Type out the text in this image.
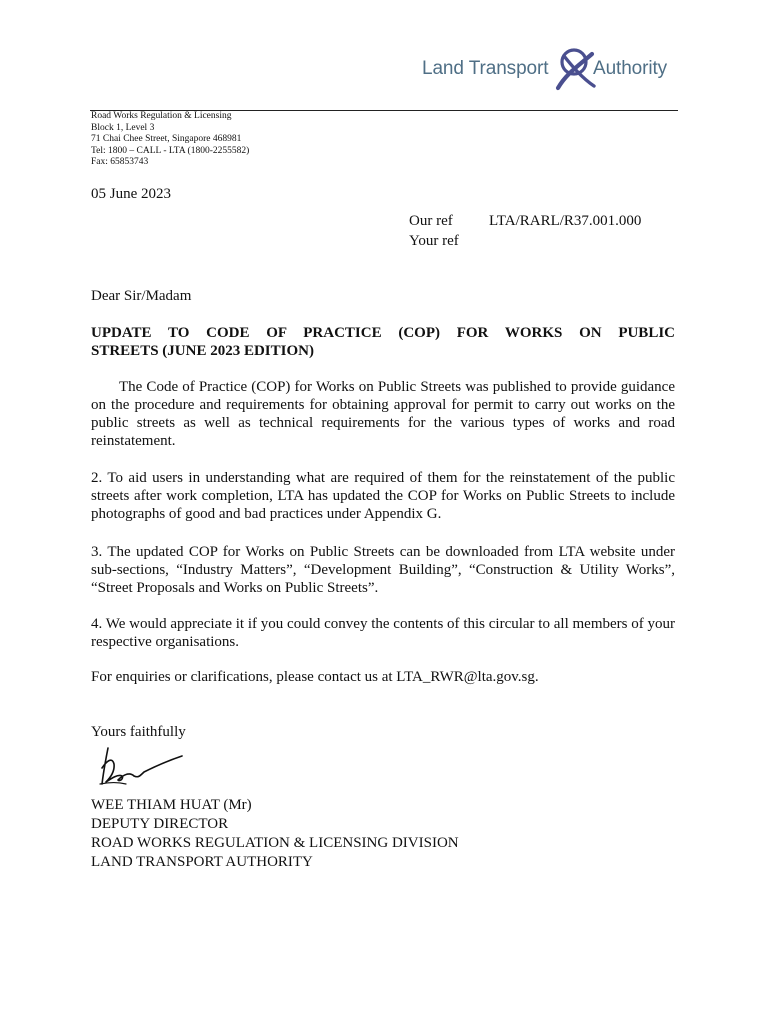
Land Transport Authority
Road Works Regulation & Licensing
Block 1, Level 3
71 Chai Chee Street, Singapore 468981
Tel: 1800 – CALL - LTA (1800-2255582)
Fax: 65853743
05 June 2023
Our ref LTA/RARL/R37.001.000
Your ref
Dear Sir/Madam
UPDATE TO CODE OF PRACTICE (COP) FOR WORKS ON PUBLIC
STREETS (JUNE 2023 EDITION)
The Code of Practice (COP) for Works on Public Streets was published to provide guidance on the procedure and requirements for obtaining approval for permit to carry out works on the public streets as well as technical requirements for the various types of works and road reinstatement.
2. To aid users in understanding what are required of them for the reinstatement of the public streets after work completion, LTA has updated the COP for Works on Public Streets to include photographs of good and bad practices under Appendix G.
3. The updated COP for Works on Public Streets can be downloaded from LTA website under sub-sections, “Industry Matters”, “Development Building”, “Construction & Utility Works”, “Street Proposals and Works on Public Streets”.
4. We would appreciate it if you could convey the contents of this circular to all members of your respective organisations.
For enquiries or clarifications, please contact us at LTA_RWR@lta.gov.sg.
Yours faithfully
WEE THIAM HUAT (Mr)
DEPUTY DIRECTOR
ROAD WORKS REGULATION & LICENSING DIVISION
LAND TRANSPORT AUTHORITY
